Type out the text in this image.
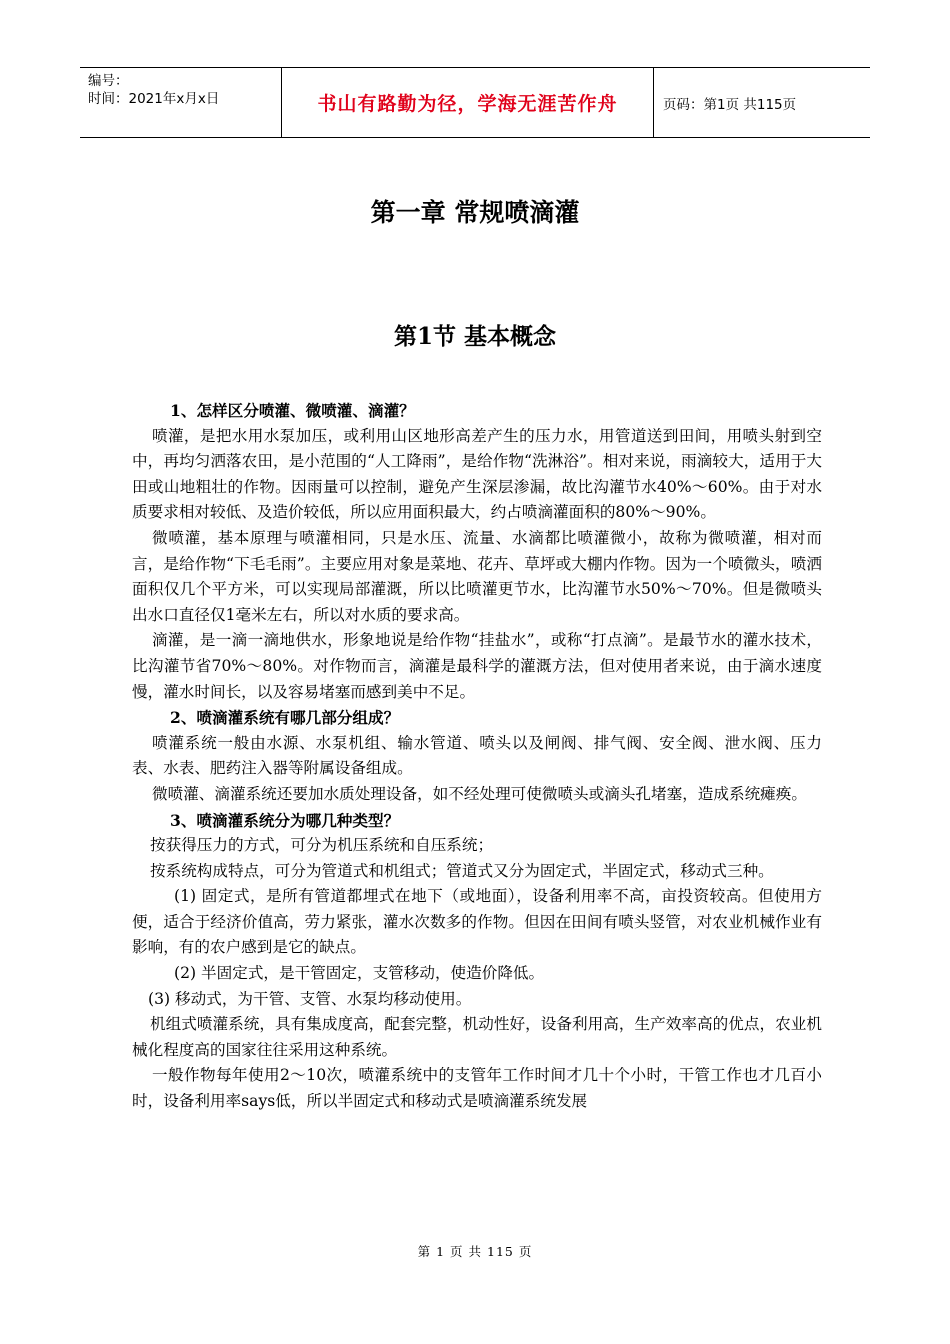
编号：
时间：2021年x月x日	书山有路勤为径，学海无涯苦作舟	页码：第1页 共115页
第一章 常规喷滴灌
第1节 基本概念

1、怎样区分喷灌、微喷灌、滴灌？

喷灌，是把水用水泵加压，或利用山区地形高差产生的压力水，用管道送到田间，用喷头射到空中，再均匀洒落农田，是小范围的“人工降雨”，是给作物“洗淋浴”。相对来说，雨滴较大，适用于大田或山地粗壮的作物。因雨量可以控制，避免产生深层渗漏，故比沟灌节水40%～60%。由于对水质要求相对较低、及造价较低，所以应用面积最大，约占喷滴灌面积的80%～90%。

微喷灌，基本原理与喷灌相同，只是水压、流量、水滴都比喷灌微小，故称为微喷灌，相对而言，是给作物“下毛毛雨”。主要应用对象是菜地、花卉、草坪或大棚内作物。因为一个喷微头，喷洒面积仅几个平方米，可以实现局部灌溉，所以比喷灌更节水，比沟灌节水50%～70%。但是微喷头出水口直径仅1毫米左右，所以对水质的要求高。

滴灌，是一滴一滴地供水，形象地说是给作物“挂盐水”，或称“打点滴”。是最节水的灌水技术，比沟灌节省70%～80%。对作物而言，滴灌是最科学的灌溉方法，但对使用者来说，由于滴水速度慢，灌水时间长，以及容易堵塞而感到美中不足。

2、喷滴灌系统有哪几部分组成？

喷灌系统一般由水源、水泵机组、输水管道、喷头以及闸阀、排气阀、安全阀、泄水阀、压力表、水表、肥药注入器等附属设备组成。

微喷灌、滴灌系统还要加水质处理设备，如不经处理可使微喷头或滴头孔堵塞，造成系统瘫痪。

3、喷滴灌系统分为哪几种类型？

按获得压力的方式，可分为机压系统和自压系统；

按系统构成特点，可分为管道式和机组式；管道式又分为固定式，半固定式，移动式三种。

(1) 固定式，是所有管道都埋式在地下（或地面），设备利用率不高，亩投资较高。但使用方便，适合于经济价值高，劳力紧张，灌水次数多的作物。但因在田间有喷头竖管，对农业机械作业有影响，有的农户感到是它的缺点。

(2) 半固定式，是干管固定，支管移动，使造价降低。

(3) 移动式，为干管、支管、水泵均移动使用。

机组式喷灌系统，具有集成度高，配套完整，机动性好，设备利用高，生产效率高的优点，农业机械化程度高的国家往往采用这种系统。

一般作物每年使用2～10次，喷灌系统中的支管年工作时间才几十个小时，干管工作也才几百小时，设备利用率says低，所以半固定式和移动式是喷滴灌系统发展

第 1 页 共 115 页
